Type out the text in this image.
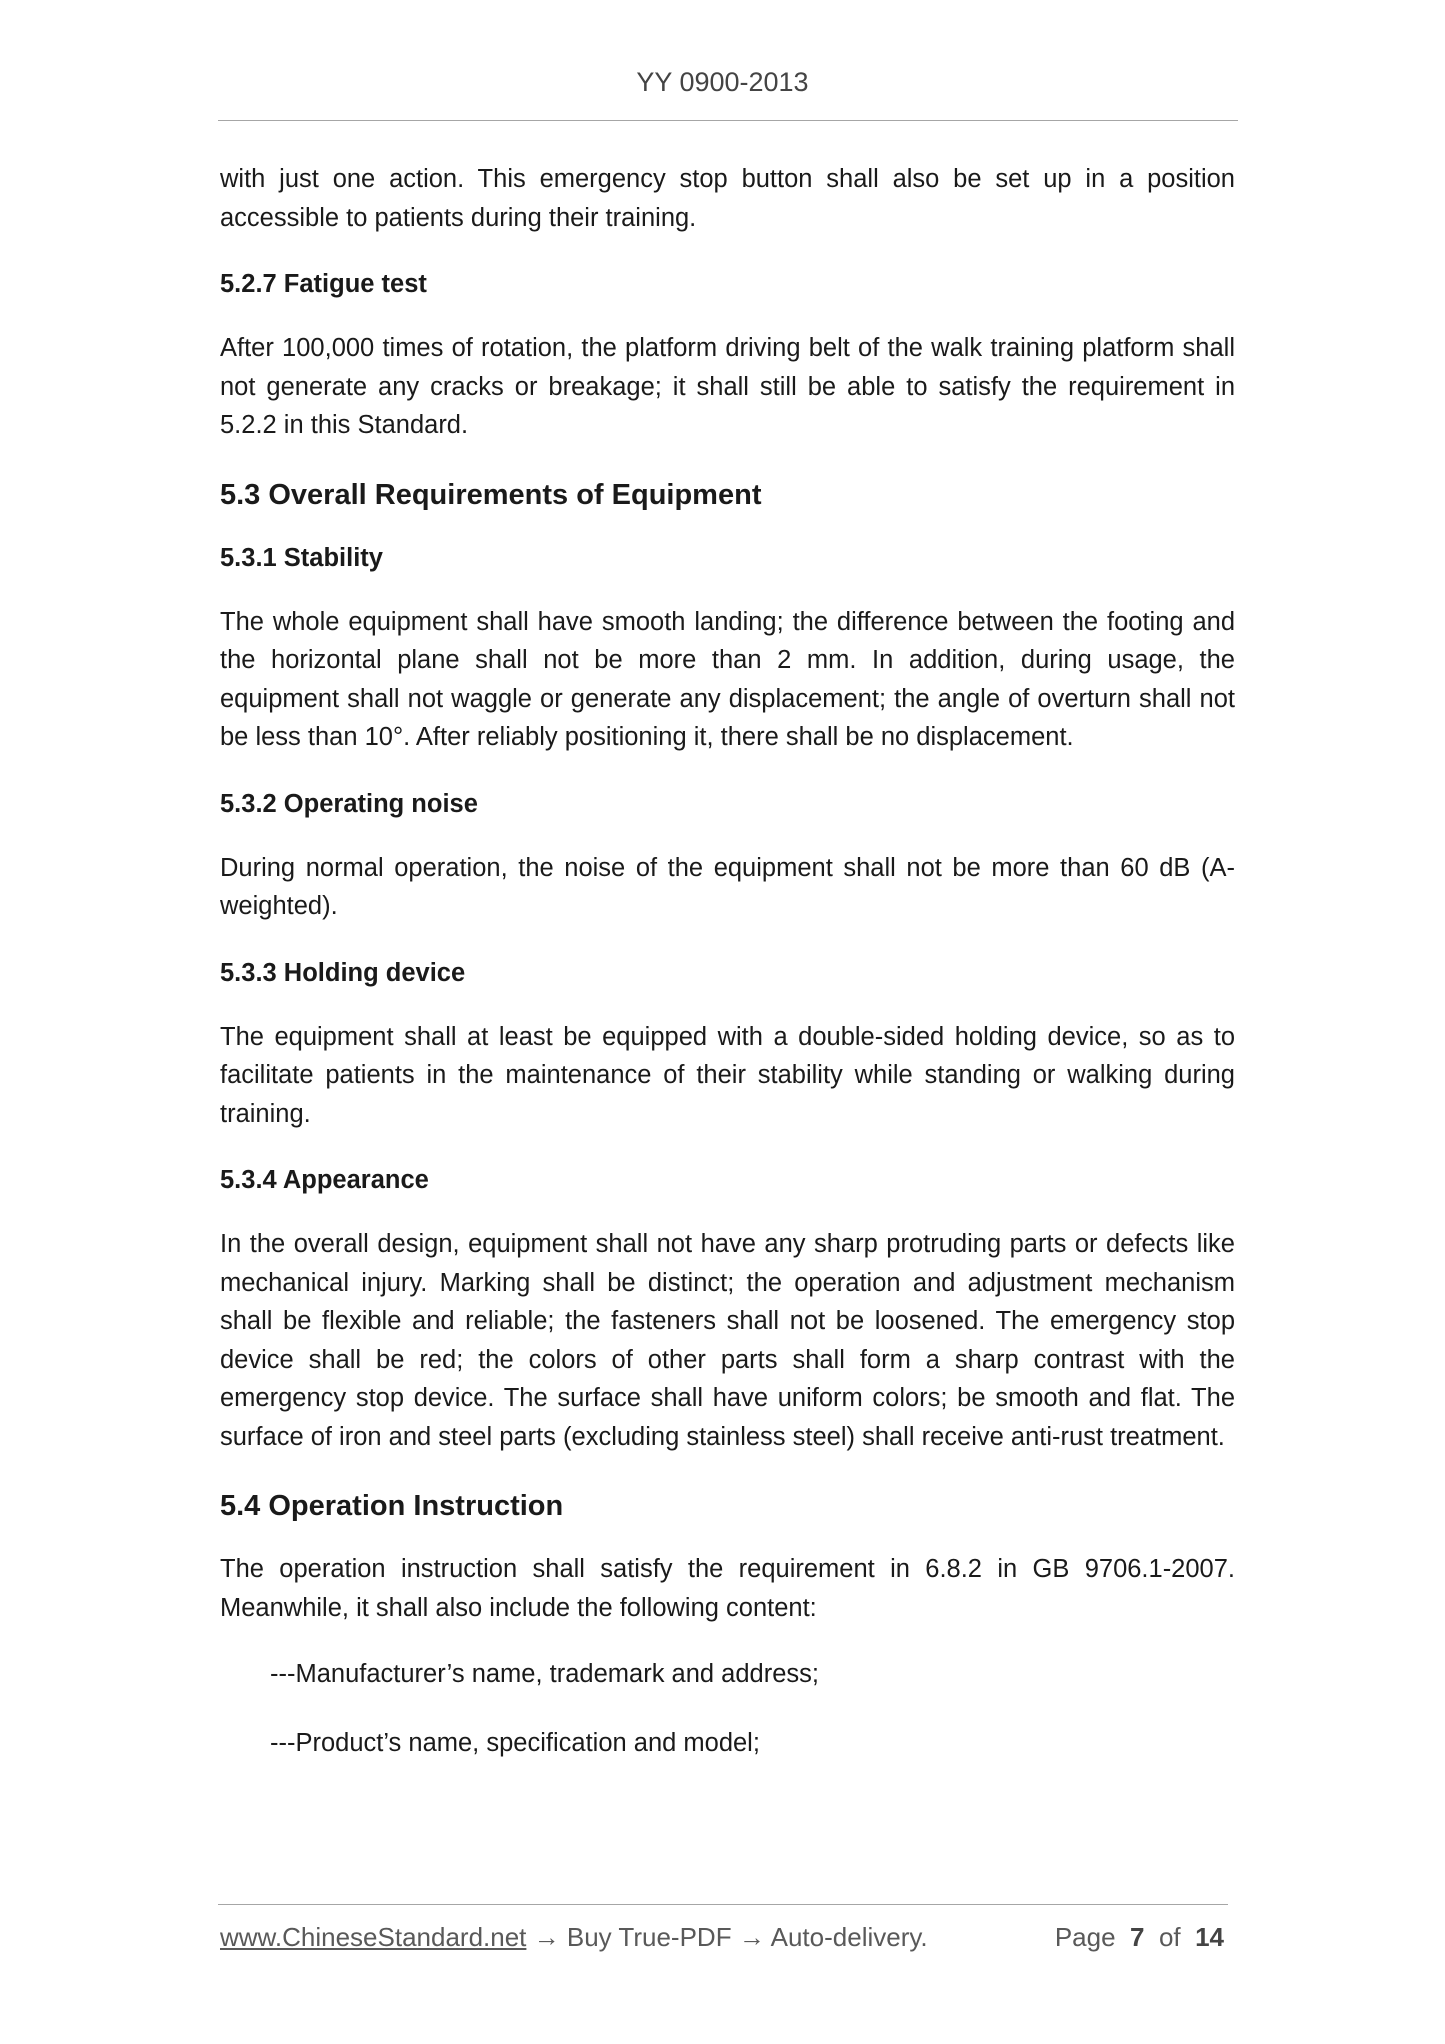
YY 0900-2013

with just one action. This emergency stop button shall also be set up in a position accessible to patients during their training.

5.2.7 Fatigue test

After 100,000 times of rotation, the platform driving belt of the walk training platform shall not generate any cracks or breakage; it shall still be able to satisfy the requirement in 5.2.2 in this Standard.

5.3 Overall Requirements of Equipment
5.3.1 Stability

The whole equipment shall have smooth landing; the difference between the footing and the horizontal plane shall not be more than 2 mm. In addition, during usage, the equipment shall not waggle or generate any displacement; the angle of overturn shall not be less than 10°. After reliably positioning it, there shall be no displacement.

5.3.2 Operating noise

During normal operation, the noise of the equipment shall not be more than 60 dB (A-weighted).

5.3.3 Holding device

The equipment shall at least be equipped with a double-sided holding device, so as to facilitate patients in the maintenance of their stability while standing or walking during training.

5.3.4 Appearance

In the overall design, equipment shall not have any sharp protruding parts or defects like mechanical injury. Marking shall be distinct; the operation and adjustment mechanism shall be flexible and reliable; the fasteners shall not be loosened. The emergency stop device shall be red; the colors of other parts shall form a sharp contrast with the emergency stop device. The surface shall have uniform colors; be smooth and flat. The surface of iron and steel parts (excluding stainless steel) shall receive anti-rust treatment.

5.4 Operation Instruction

The operation instruction shall satisfy the requirement in 6.8.2 in GB 9706.1-2007. Meanwhile, it shall also include the following content:

---Manufacturer’s name, trademark and address;

---Product’s name, specification and model;

www.ChineseStandard.net → Buy True-PDF → Auto-delivery.	Page 7 of 14
